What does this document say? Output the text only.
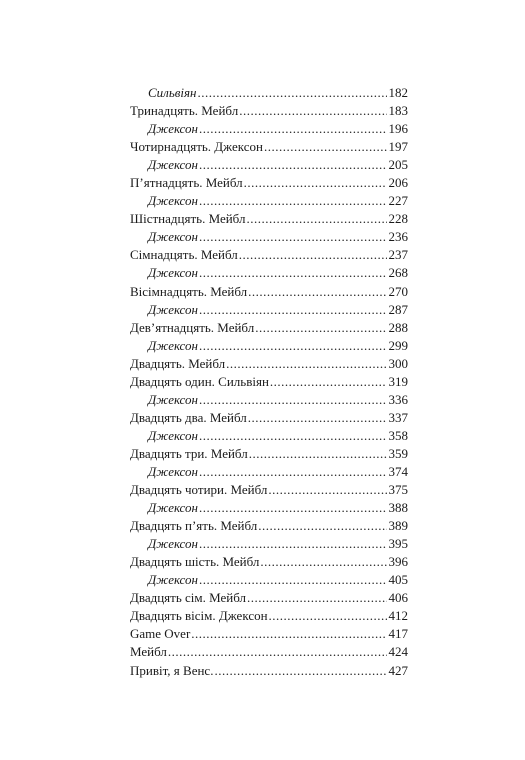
Сильвіян .....	182
Тринадцять. Мейбл .....	183
Джексон .....	196
Чотирнадцять. Джексон .....	197
Джексон .....	205
П’ятнадцять. Мейбл .....	206
Джексон .....	227
Шістнадцять. Мейбл .....	228
Джексон .....	236
Сімнадцять. Мейбл .....	237
Джексон .....	268
Вісімнадцять. Мейбл .....	270
Джексон .....	287
Дев’ятнадцять. Мейбл .....	288
Джексон .....	299
Двадцять. Мейбл .....	300
Двадцять один. Сильвіян .....	319
Джексон .....	336
Двадцять два. Мейбл .....	337
Джексон .....	358
Двадцять три. Мейбл .....	359
Джексон .....	374
Двадцять чотири. Мейбл .....	375
Джексон .....	388
Двадцять п’ять. Мейбл .....	389
Джексон .....	395
Двадцять шість. Мейбл .....	396
Джексон .....	405
Двадцять сім. Мейбл .....	406
Двадцять вісім. Джексон .....	412
Game Over .....	417
Мейбл .....	424
Привіт, я Венс. .....	427
